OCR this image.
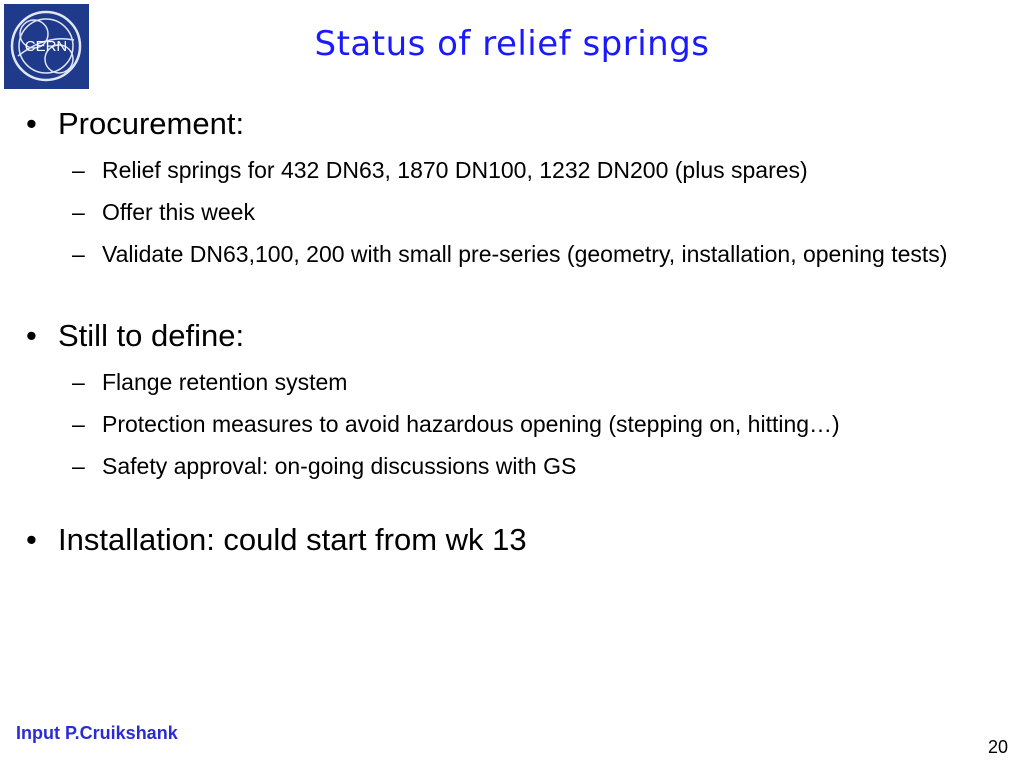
CERN	Status of relief springs

• Procurement:

– Relief springs for 432 DN63, 1870 DN100, 1232 DN200 (plus spares)

– Offer this week

– Validate DN63,100, 200 with small pre-series (geometry, installation, opening tests)

• Still to define:

– Flange retention system

– Protection measures to avoid hazardous opening (stepping on, hitting…)

– Safety approval: on-going discussions with GS

• Installation: could start from wk 13

Input P.Cruikshank
20
